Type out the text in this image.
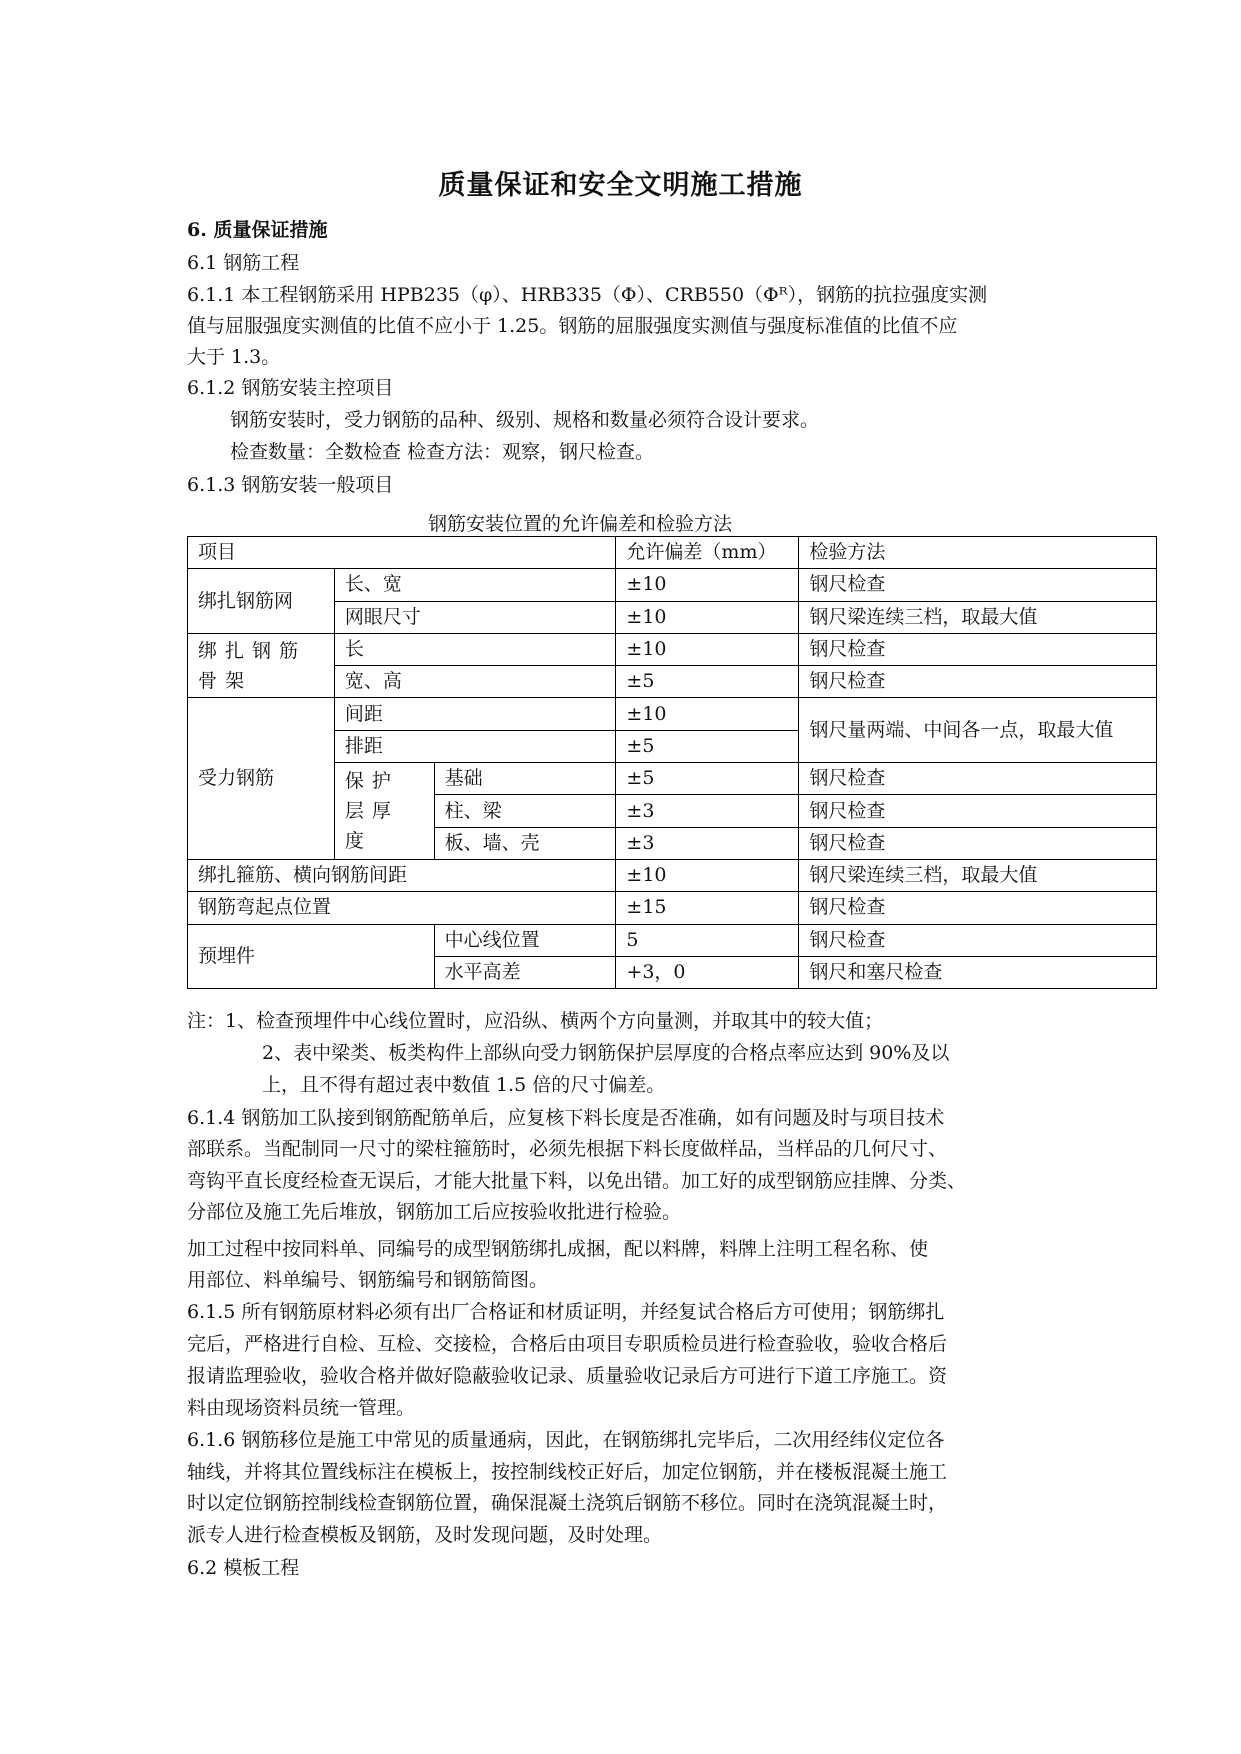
质量保证和安全文明施工措施
6. 质量保证措施
6.1 钢筋工程
6.1.1 本工程钢筋采用 HPB235（φ）、HRB335（Φ）、CRB550（Φᴿ），钢筋的抗拉强度实测
值与屈服强度实测值的比值不应小于 1.25。钢筋的屈服强度实测值与强度标准值的比值不应
大于 1.3。
6.1.2 钢筋安装主控项目
钢筋安装时，受力钢筋的品种、级别、规格和数量必须符合设计要求。
检查数量：全数检查 检查方法：观察，钢尺检查。
6.1.3 钢筋安装一般项目
钢筋安装位置的允许偏差和检验方法
项目			允许偏差（mm）	检验方法
绑扎钢筋网	长、宽		±10	钢尺检查
	网眼尺寸		±10	钢尺梁连续三档，取最大值
绑扎钢筋骨架	长		±10	钢尺检查
	宽、高		±5	钢尺检查
受力钢筋	间距		±10	钢尺量两端、中间各一点，取最大值
	排距		±5	
	保护层厚度	基础	±5	钢尺检查
		柱、梁	±3	钢尺检查
		板、墙、壳	±3	钢尺检查
绑扎箍筋、横向钢筋间距			±10	钢尺梁连续三档，取最大值
钢筋弯起点位置			±15	钢尺检查
预埋件		中心线位置	5	钢尺检查
		水平高差	+3，0	钢尺和塞尺检查
注：1、检查预埋件中心线位置时，应沿纵、横两个方向量测，并取其中的较大值；
2、表中梁类、板类构件上部纵向受力钢筋保护层厚度的合格点率应达到 90%及以
上，且不得有超过表中数值 1.5 倍的尺寸偏差。
6.1.4 钢筋加工队接到钢筋配筋单后，应复核下料长度是否准确，如有问题及时与项目技术
部联系。当配制同一尺寸的梁柱箍筋时，必须先根据下料长度做样品，当样品的几何尺寸、
弯钩平直长度经检查无误后，才能大批量下料，以免出错。加工好的成型钢筋应挂牌、分类、
分部位及施工先后堆放，钢筋加工后应按验收批进行检验。
加工过程中按同料单、同编号的成型钢筋绑扎成捆，配以料牌，料牌上注明工程名称、使
用部位、料单编号、钢筋编号和钢筋简图。
6.1.5 所有钢筋原材料必须有出厂合格证和材质证明，并经复试合格后方可使用；钢筋绑扎
完后，严格进行自检、互检、交接检，合格后由项目专职质检员进行检查验收，验收合格后
报请监理验收，验收合格并做好隐蔽验收记录、质量验收记录后方可进行下道工序施工。资
料由现场资料员统一管理。
6.1.6 钢筋移位是施工中常见的质量通病，因此，在钢筋绑扎完毕后，二次用经纬仪定位各
轴线，并将其位置线标注在模板上，按控制线校正好后，加定位钢筋，并在楼板混凝土施工
时以定位钢筋控制线检查钢筋位置，确保混凝土浇筑后钢筋不移位。同时在浇筑混凝土时，
派专人进行检查模板及钢筋，及时发现问题，及时处理。
6.2 模板工程
